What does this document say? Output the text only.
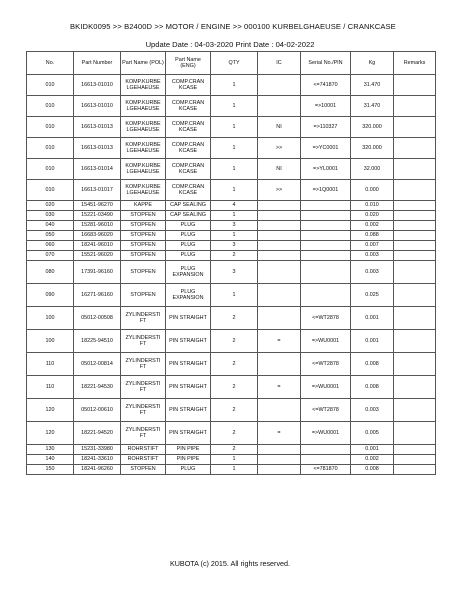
BKIDK0095 >> B2400D >> MOTOR / ENGINE >> 000100 KURBELGHAEUSE / CRANKCASE
Update Date : 04-03-2020 Print Date : 04-02-2022
No.	Part Number	Part Name (POL)	Part Name (ENG)	QTY	IC	Serial No./PIN	Kg	Remarks
010	16613-01010	KOMP.KURBE LGEHAEUSE	COMP.CRAN KCASE	1		<=741870	31.470	
010	16613-01010	KOMP.KURBE LGEHAEUSE	COMP.CRAN KCASE	1		=>10001	31.470	
010	16613-01013	KOMP.KURBE LGEHAEUSE	COMP.CRAN KCASE	1	NI	=>110327	320.000	
010	16613-01013	KOMP.KURBE LGEHAEUSE	COMP.CRAN KCASE	1	>>	=>YC0001	320.000	
010	16613-01014	KOMP.KURBE LGEHAEUSE	COMP.CRAN KCASE	1	NI	=>YL0001	32.000	
010	16613-01017	KOMP.KURBE LGEHAEUSE	COMP.CRAN KCASE	1	>>	=>1Q0001	0.000	
020	15451-96270	KAPPE	CAP SEALING	4			0.010	
030	15221-03490	STOPFEN	CAP SEALING	1			0.020	
040	15281-96010	STOPFEN	PLUG	3			0.002	
050	16683-96020	STOPFEN	PLUG	1			0.088	
060	18241-96010	STOPFEN	PLUG	3			0.007	
070	15521-96020	STOPFEN	PLUG	2			0.003	
080	17391-96160	STOPFEN	PLUG EXPANSION	3			0.003	
090	16271-96160	STOPFEN	PLUG EXPANSION	1			0.025	
100	05012-00508	ZYLINDERSTI FT	PIN STRAIGHT	2		<=WT2878	0.001	
100	18225-94510	ZYLINDERSTI FT	PIN STRAIGHT	2	=	=>WU0001	0.001	
110	05012-00814	ZYLINDERSTI FT	PIN STRAIGHT	2		<=WT2878	0.008	
110	18221-94530	ZYLINDERSTI FT	PIN STRAIGHT	2	=	=>WU0001	0.008	
120	05012-00610	ZYLINDERSTI FT	PIN STRAIGHT	2		<=WT2878	0.003	
120	18221-94520	ZYLINDERSTI FT	PIN STRAIGHT	2	=	=>WU0001	0.005	
130	15231-33980	ROHRSTIFT	PIN PIPE	2			0.001	
140	18241-33610	ROHRSTIFT	PIN PIPE	1			0.002	
150	18241-96260	STOPFEN	PLUG	1		<=781870	0.008	
KUBOTA (c) 2015. All rights reserved.
